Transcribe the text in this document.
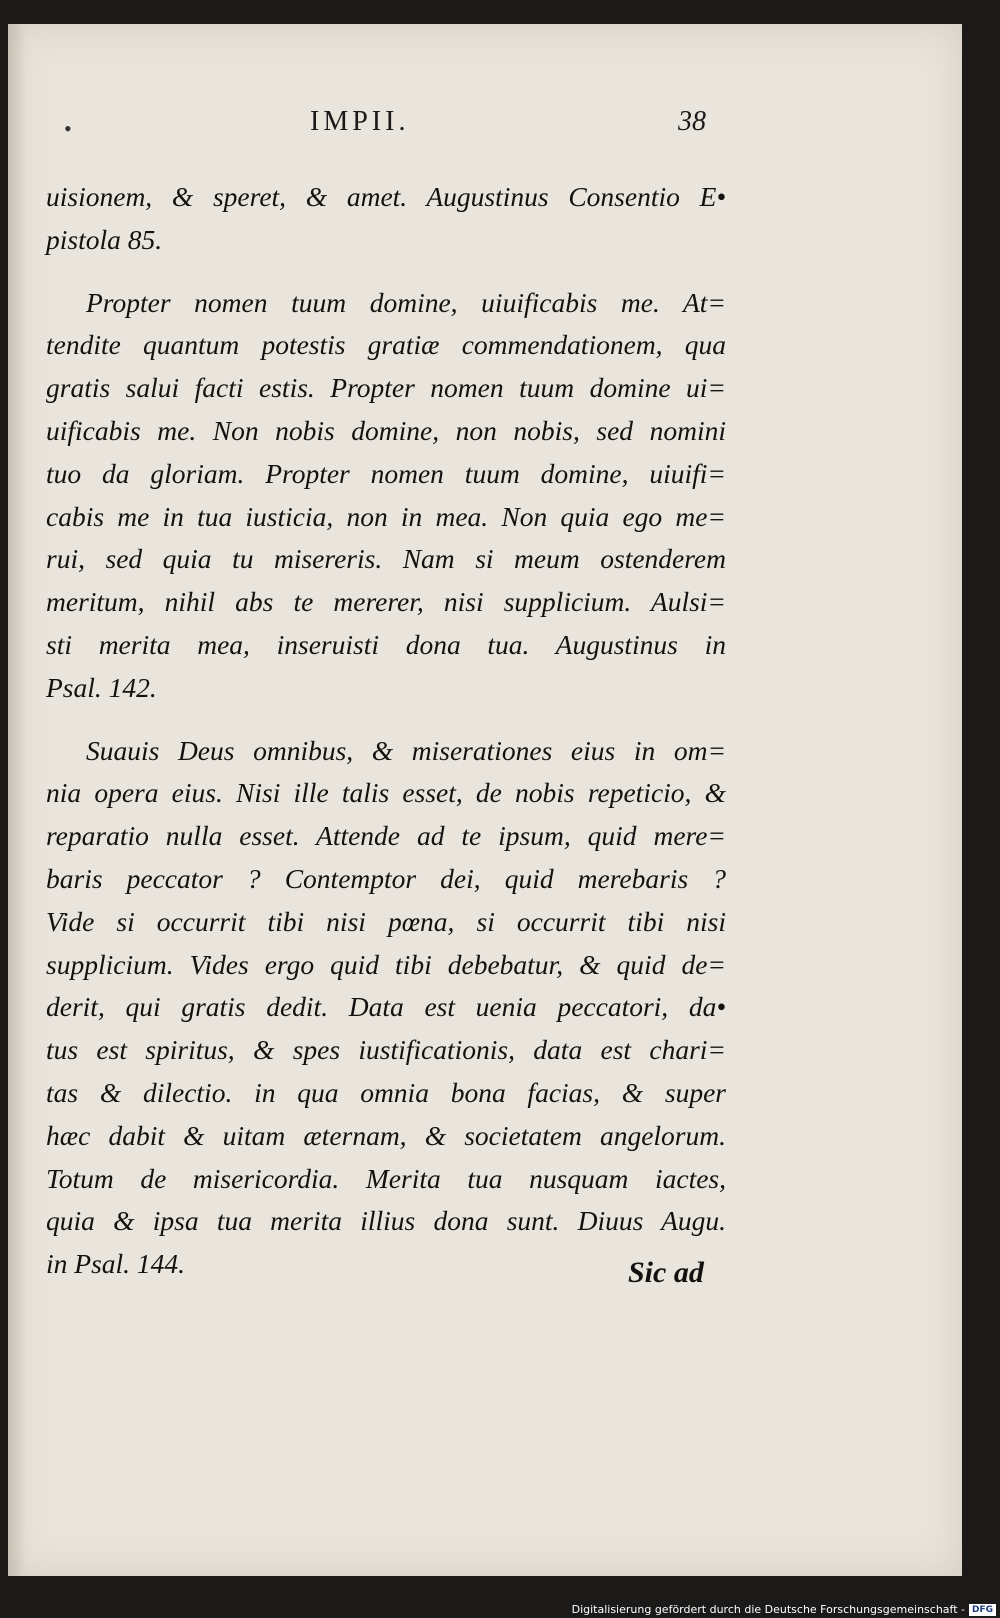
•	IMPII.	38
uisionem, & speret, & amet. Augustinus Consentio E•
pistola 85.
Propter nomen tuum domine, uiuificabis me. At=
tendite quantum potestis gratiæ commendationem, qua
gratis salui facti estis. Propter nomen tuum domine ui=
uificabis me. Non nobis domine, non nobis, sed nomini
tuo da gloriam. Propter nomen tuum domine, uiuifi=
cabis me in tua iusticia, non in mea. Non quia ego me=
rui, sed quia tu misereris. Nam si meum ostenderem
meritum, nihil abs te mererer, nisi supplicium. Aulsi=
sti merita mea, inseruisti dona tua. Augustinus in
Psal. 142.
Suauis Deus omnibus, & miserationes eius in om=
nia opera eius. Nisi ille talis esset, de nobis repeticio, &
reparatio nulla esset. Attende ad te ipsum, quid mere=
baris peccator ? Contemptor dei, quid merebaris ?
Vide si occurrit tibi nisi pœna, si occurrit tibi nisi
supplicium. Vides ergo quid tibi debebatur, & quid de=
derit, qui gratis dedit. Data est uenia peccatori, da•
tus est spiritus, & spes iustificationis, data est chari=
tas & dilectio. in qua omnia bona facias, & super
hæc dabit & uitam æternam, & societatem angelorum.
Totum de misericordia. Merita tua nusquam iactes,
quia & ipsa tua merita illius dona sunt. Diuus Augu.
in Psal. 144.	Sic ad
Digitalisierung gefördert durch die Deutsche Forschungsgemeinschaft - DFG
